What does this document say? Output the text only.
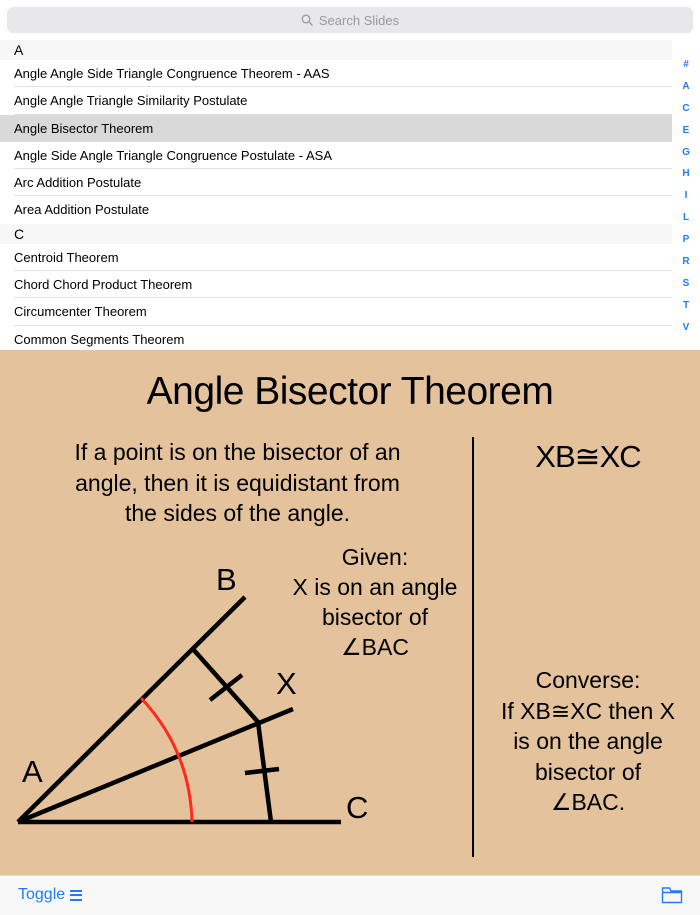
Search Slides
A
Angle Angle Side Triangle Congruence Theorem - AAS
Angle Angle Triangle Similarity Postulate
Angle Bisector Theorem
Angle Side Angle Triangle Congruence Postulate - ASA
Arc Addition Postulate
Area Addition Postulate
C
Centroid Theorem
Chord Chord Product Theorem
Circumcenter Theorem
Common Segments Theorem
#
A
C
E
G
H
I
L
P
R
S
T
V
Angle Bisector Theorem
If a point is on the bisector of an
angle, then it is equidistant from
the sides of the angle.
XB≅XC
Given:
X is on an angle
bisector of
∠BAC
Converse:
If XB≅XC then X
is on the angle
bisector of
∠BAC.
A
B
X
C
Toggle
